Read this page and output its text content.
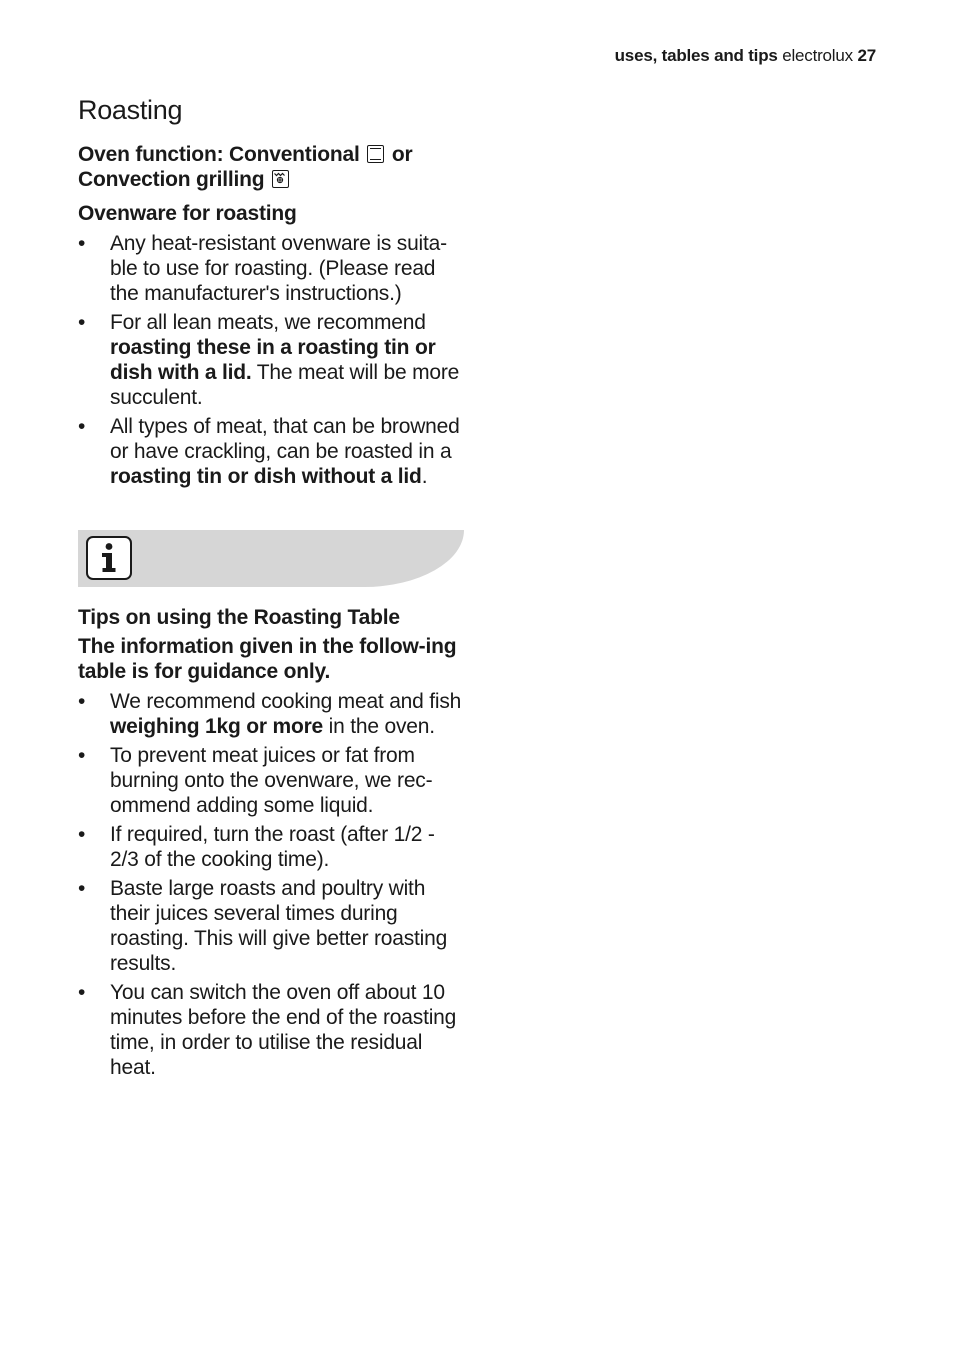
uses, tables and tips electrolux 27
Roasting

Oven function: Conventional or
Convection grilling

Ovenware for roasting

• Any heat-resistant ovenware is suita-ble to use for roasting. (Please read the manufacturer's instructions.)
• For all lean meats, we recommend roasting these in a roasting tin or dish with a lid. The meat will be more succulent.
• All types of meat, that can be browned or have crackling, can be roasted in a roasting tin or dish without a lid.

Tips on using the Roasting Table

The information given in the follow-ing table is for guidance only.

• We recommend cooking meat and fish weighing 1kg or more in the oven.
• To prevent meat juices or fat from burning onto the ovenware, we rec-ommend adding some liquid.
• If required, turn the roast (after 1/2 - 2/3 of the cooking time).
• Baste large roasts and poultry with their juices several times during roasting. This will give better roasting results.
• You can switch the oven off about 10 minutes before the end of the roasting time, in order to utilise the residual heat.
